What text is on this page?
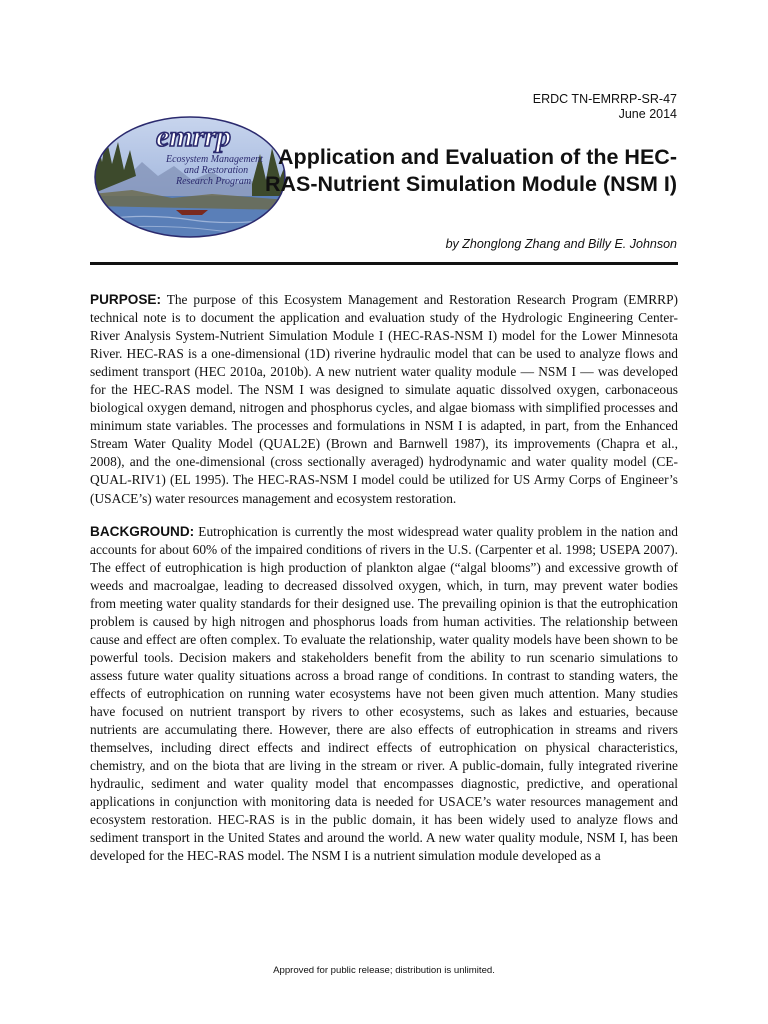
ERDC TN-EMRRP-SR-47
June 2014
emrrp
Ecosystem Management
and Restoration
Research Program
Application and Evaluation of the HEC-RAS-Nutrient Simulation Module (NSM I)
by Zhonglong Zhang and Billy E. Johnson

PURPOSE: The purpose of this Ecosystem Management and Restoration Research Program (EMRRP) technical note is to document the application and evaluation study of the Hydrologic Engineering Center-River Analysis System-Nutrient Simulation Module I (HEC-RAS-NSM I) model for the Lower Minnesota River. HEC-RAS is a one-dimensional (1D) riverine hydraulic model that can be used to analyze flows and sediment transport (HEC 2010a, 2010b). A new nutrient water quality module — NSM I — was developed for the HEC-RAS model. The NSM I was designed to simulate aquatic dissolved oxygen, carbonaceous biological oxygen demand, nitrogen and phosphorus cycles, and algae biomass with simplified processes and minimum state variables. The processes and formulations in NSM I is adapted, in part, from the Enhanced Stream Water Quality Model (QUAL2E) (Brown and Barnwell 1987), its improvements (Chapra et al., 2008), and the one-dimensional (cross sectionally averaged) hydrodynamic and water quality model (CE-QUAL-RIV1) (EL 1995). The HEC-RAS-NSM I model could be utilized for US Army Corps of Engineer’s (USACE’s) water resources management and ecosystem restoration.

BACKGROUND: Eutrophication is currently the most widespread water quality problem in the nation and accounts for about 60% of the impaired conditions of rivers in the U.S. (Carpenter et al. 1998; USEPA 2007). The effect of eutrophication is high production of plankton algae (“algal blooms”) and excessive growth of weeds and macroalgae, leading to decreased dissolved oxygen, which, in turn, may prevent water bodies from meeting water quality standards for their designed use. The prevailing opinion is that the eutrophication problem is caused by high nitrogen and phosphorus loads from human activities. The relationship between cause and effect are often complex. To evaluate the relationship, water quality models have been shown to be powerful tools. Decision makers and stakeholders benefit from the ability to run scenario simulations to assess future water quality situations across a broad range of conditions. In contrast to standing waters, the effects of eutrophication on running water ecosystems have not been given much attention. Many studies have focused on nutrient transport by rivers to other ecosystems, such as lakes and estuaries, because nutrients are accumulating there. However, there are also effects of eutrophication in streams and rivers themselves, including direct effects and indirect effects of eutrophication on physical characteristics, chemistry, and on the biota that are living in the stream or river. A public-domain, fully integrated riverine hydraulic, sediment and water quality model that encompasses diagnostic, predictive, and operational applications in conjunction with monitoring data is needed for USACE’s water resources management and ecosystem restoration. HEC-RAS is in the public domain, it has been widely used to analyze flows and sediment transport in the United States and around the world. A new water quality module, NSM I, has been developed for the HEC-RAS model. The NSM I is a nutrient simulation module developed as a

Approved for public release; distribution is unlimited.
